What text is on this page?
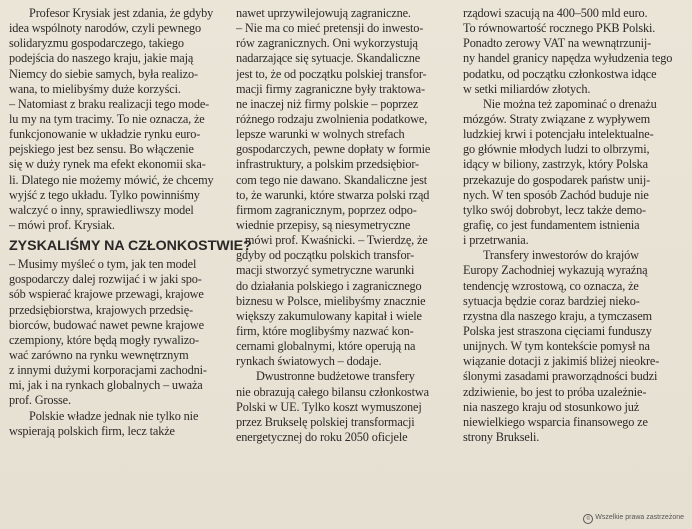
Profesor Krysiak jest zdania, że gdyby
idea wspólnoty narodów, czyli pewnego
solidaryzmu gospodarczego, takiego
podejścia do naszego kraju, jakie mają
Niemcy do siebie samych, była realizo-
wana, to mielibyśmy duże korzyści.
– Natomiast z braku realizacji tego mode-
lu my na tym tracimy. To nie oznacza, że
funkcjonowanie w układzie rynku euro-
pejskiego jest bez sensu. Bo włączenie
się w duży rynek ma efekt ekonomii ska-
li. Dlatego nie możemy mówić, że chcemy
wyjść z tego układu. Tylko powinniśmy
walczyć o inny, sprawiedliwszy model
– mówi prof. Krysiak.
ZYSKALIŚMY NA CZŁONKOSTWIE?
– Musimy myśleć o tym, jak ten model
gospodarczy dalej rozwijać i w jaki spo-
sób wspierać krajowe przewagi, krajowe
przedsiębiorstwa, krajowych przedsię-
biorców, budować nawet pewne krajowe
czempiony, które będą mogły rywalizo-
wać zarówno na rynku wewnętrznym
z innymi dużymi korporacjami zachodni-
mi, jak i na rynkach globalnych – uważa
prof. Grosse.
Polskie władze jednak nie tylko nie
wspierają polskich firm, lecz także
nawet uprzywilejowują zagraniczne.
– Nie ma co mieć pretensji do inwesto-
rów zagranicznych. Oni wykorzystują
nadarzające się sytuacje. Skandaliczne
jest to, że od początku polskiej transfor-
macji firmy zagraniczne były traktowa-
ne inaczej niż firmy polskie – poprzez
różnego rodzaju zwolnienia podatkowe,
lepsze warunki w wolnych strefach
gospodarczych, pewne dopłaty w formie
infrastruktury, a polskim przedsiębior-
com tego nie dawano. Skandaliczne jest
to, że warunki, które stwarza polski rząd
firmom zagranicznym, poprzez odpo-
wiednie przepisy, są niesymetryczne
– mówi prof. Kwaśnicki. – Twierdzę, że
gdyby od początku polskich transfor-
macji stworzyć symetryczne warunki
do działania polskiego i zagranicznego
biznesu w Polsce, mielibyśmy znacznie
większy zakumulowany kapitał i wiele
firm, które moglibyśmy nazwać kon-
cernami globalnymi, które operują na
rynkach światowych – dodaje.
Dwustronne budżetowe transfery
nie obrazują całego bilansu członkostwa
Polski w UE. Tylko koszt wymuszonej
przez Brukselę polskiej transformacji
energetycznej do roku 2050 oficjele
rządowi szacują na 400–500 mld euro.
To równowartość rocznego PKB Polski.
Ponadto zerowy VAT na wewnątrzunij-
ny handel granicy napędza wyłudzenia tego
podatku, od początku członkostwa idące
w setki miliardów złotych.
Nie można też zapominać o drenażu
mózgów. Straty związane z wypływem
ludzkiej krwi i potencjału intelektualne-
go głównie młodych ludzi to olbrzymi,
idący w biliony, zastrzyk, który Polska
przekazuje do gospodarek państw unij-
nych. W ten sposób Zachód buduje nie
tylko swój dobrobyt, lecz także demo-
grafię, co jest fundamentem istnienia
i przetrwania.
Transfery inwestorów do krajów
Europy Zachodniej wykazują wyraźną
tendencję wzrostową, co oznacza, że
sytuacja będzie coraz bardziej nieko-
rzystna dla naszego kraju, a tymczasem
Polska jest straszona cięciami funduszy
unijnych. W tym kontekście pomysł na
wiązanie dotacji z jakimiś bliżej nieokre-
ślonymi zasadami praworządności budzi
zdziwienie, bo jest to próba uzależnie-
nia naszego kraju od stosunkowo już
niewielkiego wsparcia finansowego ze
strony Brukseli.
© Wszelkie prawa zastrzeżone
